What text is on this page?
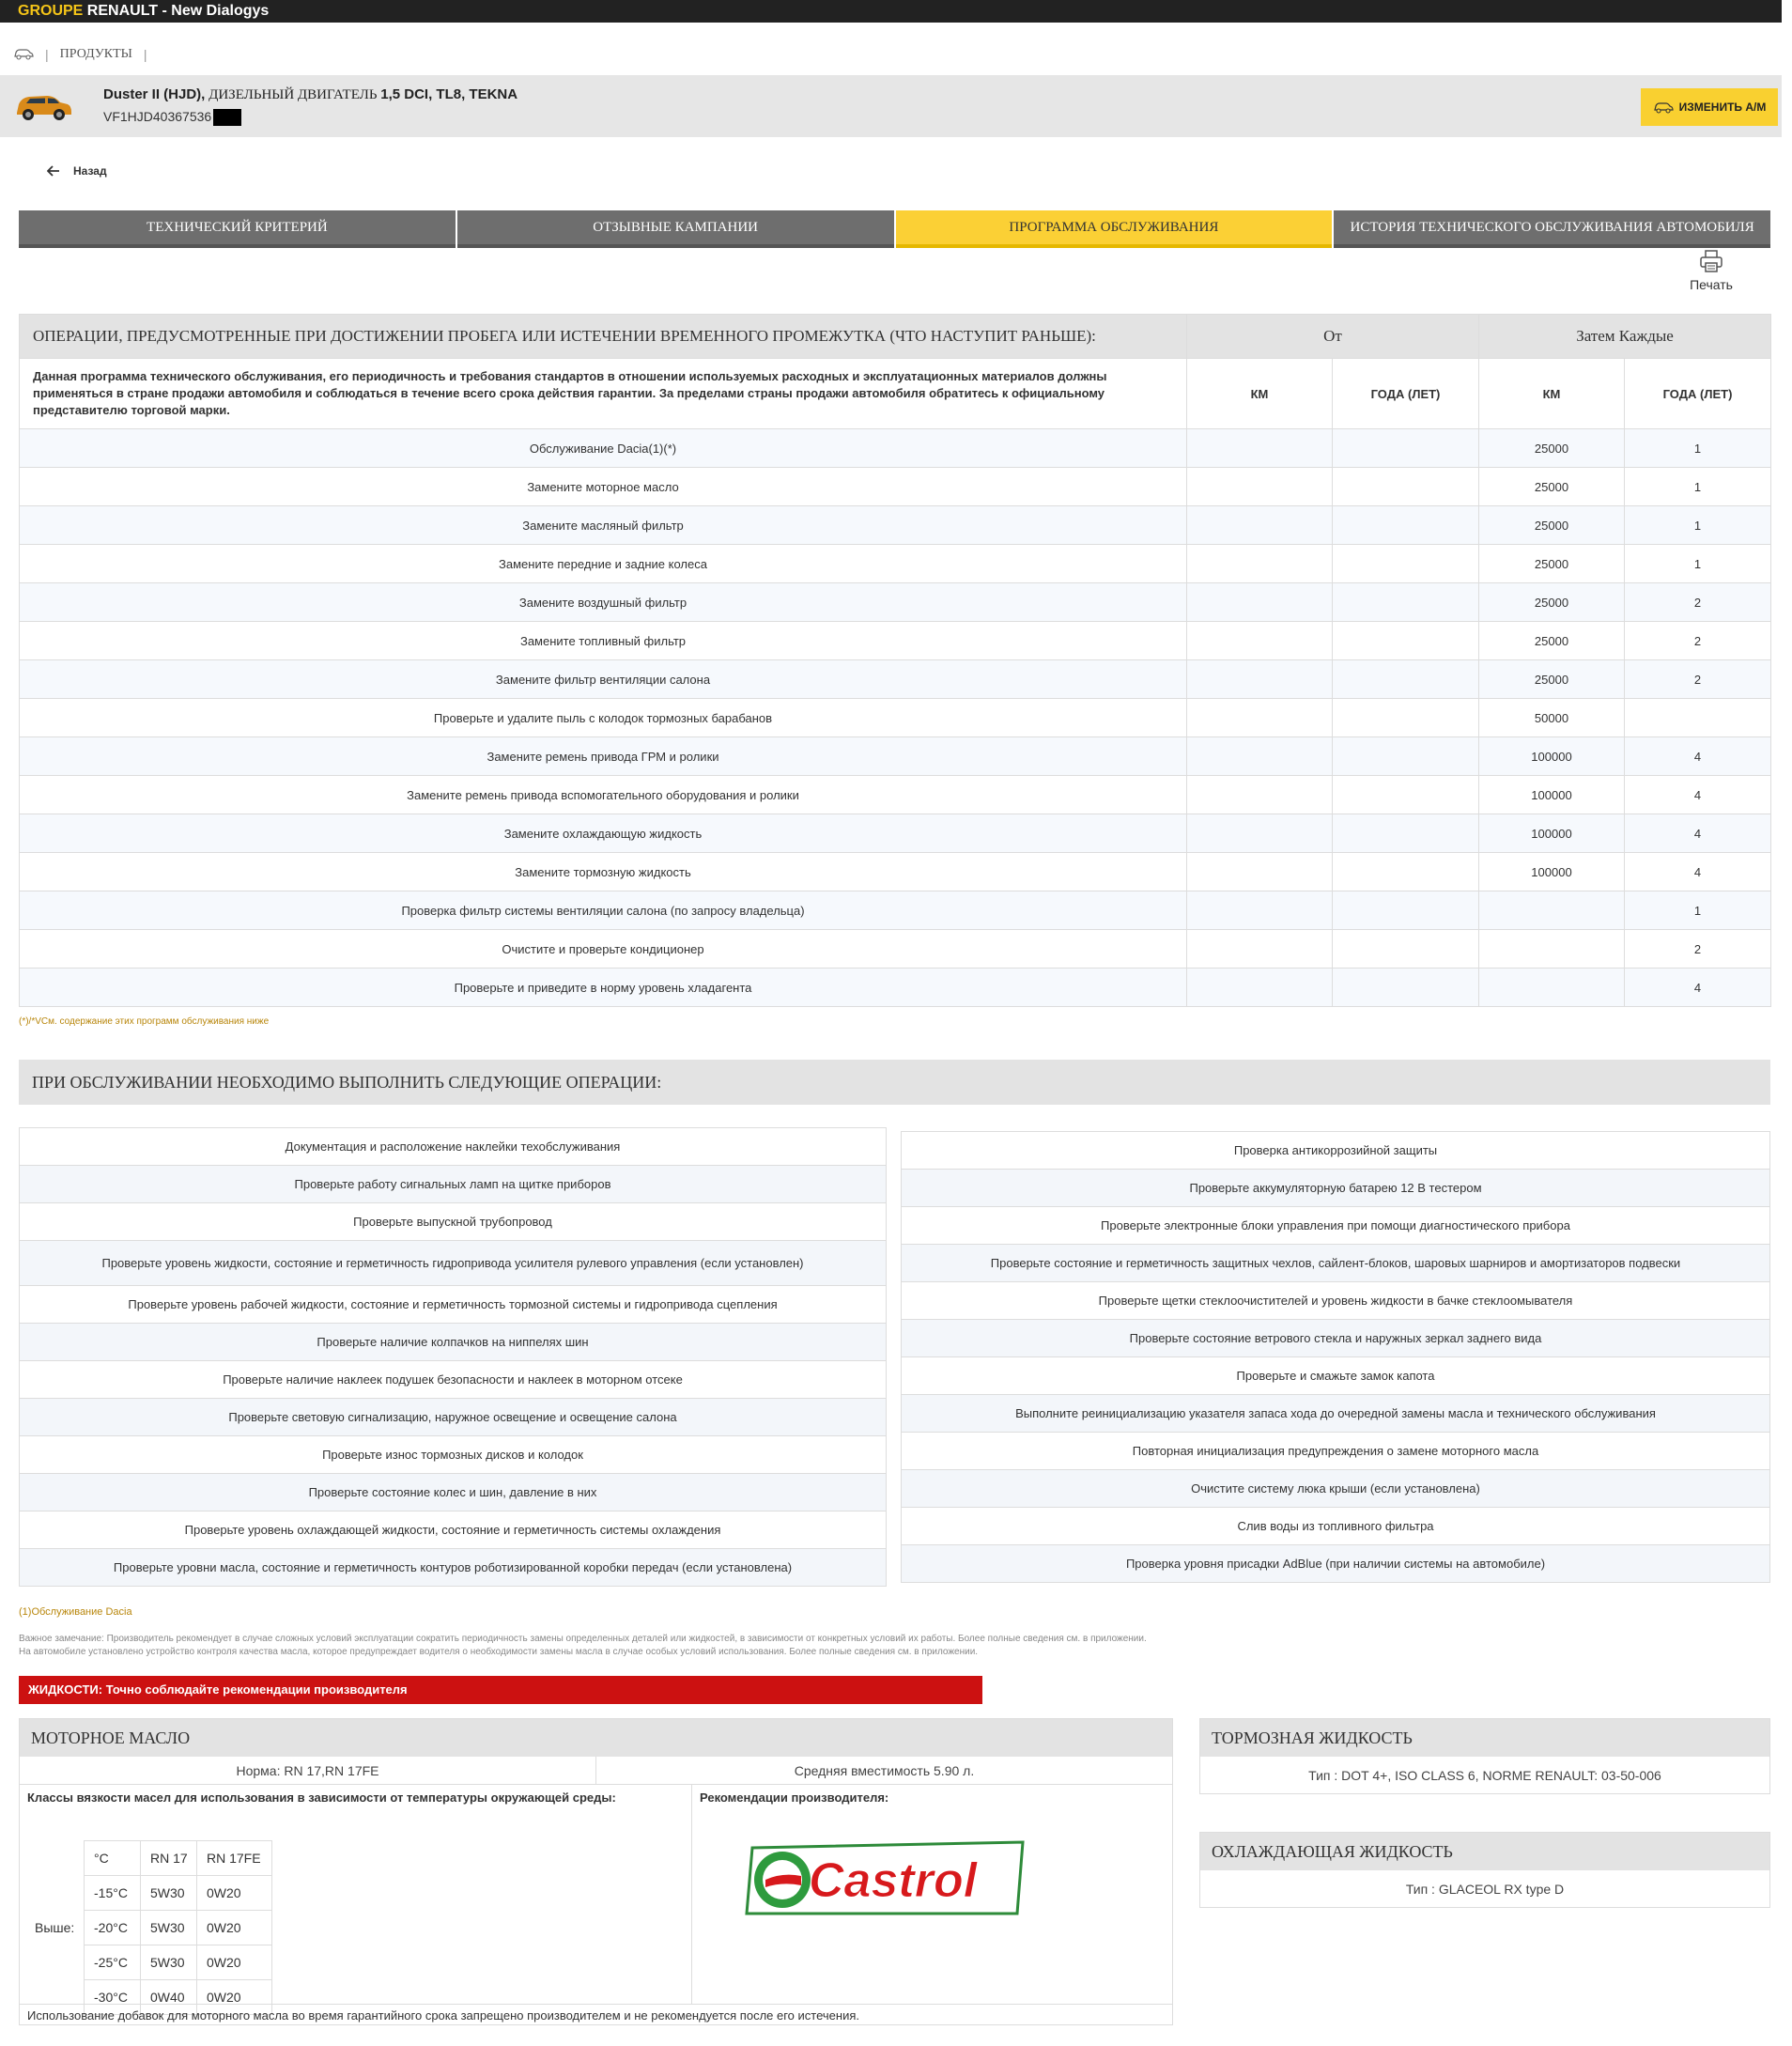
GROUPE RENAULT - New Dialogys
| ПРОДУКТЫ |
Duster II (HJD), ДИЗЕЛЬНЫЙ ДВИГАТЕЛЬ 1,5 DCI, TL8, TEKNA
VF1HJD40367536
ИЗМЕНИТЬ А/М
Назад
ТЕХНИЧЕСКИЙ КРИТЕРИЙ	ОТЗЫВНЫЕ КАМПАНИИ	ПРОГРАММА ОБСЛУЖИВАНИЯ	ИСТОРИЯ ТЕХНИЧЕСКОГО ОБСЛУЖИВАНИЯ АВТОМОБИЛЯ
Печать
ОПЕРАЦИИ, ПРЕДУСМОТРЕННЫЕ ПРИ ДОСТИЖЕНИИ ПРОБЕГА ИЛИ ИСТЕЧЕНИИ ВРЕМЕННОГО ПРОМЕЖУТКА (ЧТО НАСТУПИТ РАНЬШЕ):	От		Затем Каждые	
Данная программа технического обслуживания, его периодичность и требования стандартов в отношении используемых расходных и эксплуатационных материалов должны применяться в стране продажи автомобиля и соблюдаться в течение всего срока действия гарантии. За пределами страны продажи автомобиля обратитесь к официальному представителю торговой марки.	КМ	ГОДА (ЛЕТ)	КМ	ГОДА (ЛЕТ)
Обслуживание Dacia(1)(*)			25000	1
Замените моторное масло			25000	1
Замените масляный фильтр			25000	1
Замените передние и задние колеса			25000	1
Замените воздушный фильтр			25000	2
Замените топливный фильтр			25000	2
Замените фильтр вентиляции салона			25000	2
Проверьте и удалите пыль с колодок тормозных барабанов			50000	
Замените ремень привода ГРМ и ролики			100000	4
Замените ремень привода вспомогательного оборудования и ролики			100000	4
Замените охлаждающую жидкость			100000	4
Замените тормозную жидкость			100000	4
Проверка фильтр системы вентиляции салона (по запросу владельца)				1
Очистите и проверьте кондиционер				2
Проверьте и приведите в норму уровень хладагента				4
(*)/*VСм. содержание этих программ обслуживания ниже
ПРИ ОБСЛУЖИВАНИИ НЕОБХОДИМО ВЫПОЛНИТЬ СЛЕДУЮЩИЕ ОПЕРАЦИИ:
Документация и расположение наклейки техобслуживания
Проверьте работу сигнальных ламп на щитке приборов
Проверьте выпускной трубопровод
Проверьте уровень жидкости, состояние и герметичность гидропривода усилителя рулевого управления (если установлен)
Проверьте уровень рабочей жидкости, состояние и герметичность тормозной системы и гидропривода сцепления
Проверьте наличие колпачков на ниппелях шин
Проверьте наличие наклеек подушек безопасности и наклеек в моторном отсеке
Проверьте световую сигнализацию, наружное освещение и освещение салона
Проверьте износ тормозных дисков и колодок
Проверьте состояние колес и шин, давление в них
Проверьте уровень охлаждающей жидкости, состояние и герметичность системы охлаждения
Проверьте уровни масла, состояние и герметичность контуров роботизированной коробки передач (если установлена)
Проверка антикоррозийной защиты
Проверьте аккумуляторную батарею 12 В тестером
Проверьте электронные блоки управления при помощи диагностического прибора
Проверьте состояние и герметичность защитных чехлов, сайлент-блоков, шаровых шарниров и амортизаторов подвески
Проверьте щетки стеклоочистителей и уровень жидкости в бачке стеклоомывателя
Проверьте состояние ветрового стекла и наружных зеркал заднего вида
Проверьте и смажьте замок капота
Выполните реинициализацию указателя запаса хода до очередной замены масла и технического обслуживания
Повторная инициализация предупреждения о замене моторного масла
Очистите систему люка крыши (если установлена)
Слив воды из топливного фильтра
Проверка уровня присадки AdBlue (при наличии системы на автомобиле)
(1)Обслуживание Dacia
Важное замечание: Производитель рекомендует в случае сложных условий эксплуатации сократить периодичность замены определенных деталей или жидкостей, в зависимости от конкретных условий их работы. Более полные сведения см. в приложении.
На автомобиле установлено устройство контроля качества масла, которое предупреждает водителя о необходимости замены масла в случае особых условий использования. Более полные сведения см. в приложении.
ЖИДКОСТИ: Точно соблюдайте рекомендации производителя
МОТОРНОЕ МАСЛО
Норма: RN 17,RN 17FE	Средняя вместимость 5.90 л.
Классы вязкости масел для использования в зависимости от температуры окружающей среды:
Выше:
°C	RN 17	RN 17FE
-15°C	5W30	0W20
-20°C	5W30	0W20
-25°C	5W30	0W20
-30°C	0W40	0W20
Рекомендации производителя:
Castrol
Использование добавок для моторного масла во время гарантийного срока запрещено производителем и не рекомендуется после его истечения.
ТОРМОЗНАЯ ЖИДКОСТЬ
Тип : DOT 4+, ISO CLASS 6, NORME RENAULT: 03-50-006
ОХЛАЖДАЮЩАЯ ЖИДКОСТЬ
Тип : GLACEOL RX type D
